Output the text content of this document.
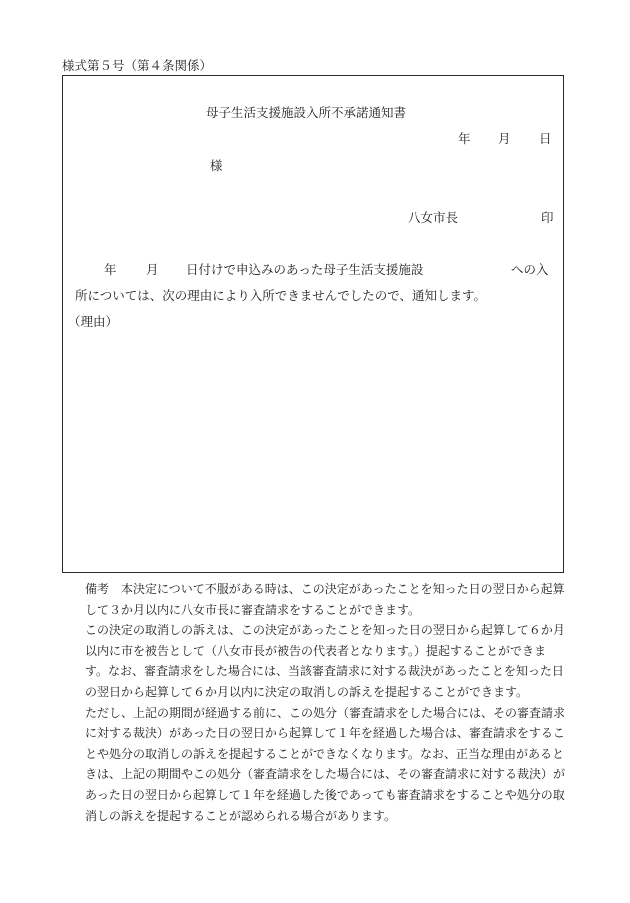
様式第５号（第４条関係）
母子生活支援施設入所不承諾通知書
年 月 日
様
八女市長	印
年 月 日付けで申込みのあった母子生活支援施設	への入
所については、次の理由により入所できませんでしたので、通知します。
（理由）

備考　 本決定について不服がある時は、この決定があったことを知った日の翌日から起算して３か月以内に八女市長に審査請求をすることができます。

この決定の取消しの訴えは、この決定があったことを知った日の翌日から起算して６か月以内に市を被告として（八女市長が被告の代表者となります。）提起することができます。なお、審査請求をした場合には、当該審査請求に対する裁決があったことを知った日の翌日から起算して６か月以内に決定の取消しの訴えを提起することができます。

ただし、上記の期間が経過する前に、この処分（審査請求をした場合には、その審査請求に対する裁決）があった日の翌日から起算して１年を経過した場合は、審査請求をすることや処分の取消しの訴えを提起することができなくなります。なお、正当な理由があるときは、上記の期間やこの処分（審査請求をした場合には、その審査請求に対する裁決）があった日の翌日から起算して１年を経過した後であっても審査請求をすることや処分の取消しの訴えを提起することが認められる場合があります。
